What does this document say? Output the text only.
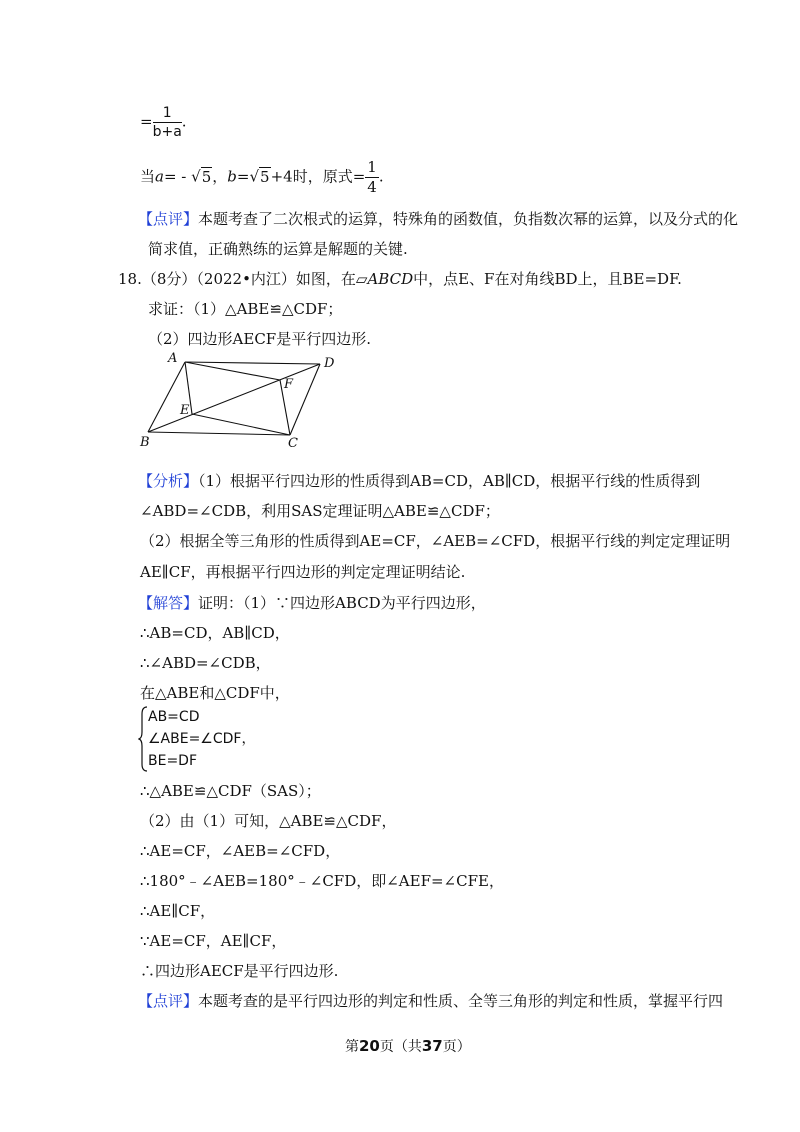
= $\frac{1}{b+a}$ .
当a= - √5，b=√5+4时，原式= $\frac{1}{4}$ .
【点评】本题考查了二次根式的运算，特殊角的函数值，负指数次幂的运算，以及分式的化
简求值，正确熟练的运算是解题的关键.
18.（8分）（2022•内江）如图，在▱ABCD中，点E、F在对角线BD上，且BE=DF.
求证：（1）△ABE≌△CDF；
（2）四边形AECF是平行四边形.
A	D
F
E
B	C
【分析】（1）根据平行四边形的性质得到AB=CD，AB∥CD，根据平行线的性质得到
∠ABD=∠CDB，利用SAS定理证明△ABE≌△CDF；
（2）根据全等三角形的性质得到AE=CF，∠AEB=∠CFD，根据平行线的判定定理证明
AE∥CF，再根据平行四边形的判定定理证明结论.
【解答】证明：（1）∵四边形ABCD为平行四边形，
∴AB=CD，AB∥CD，
∴∠ABD=∠CDB，
在△ABE和△CDF中，
AB=CD
∠ABE=∠CDF，
BE=DF
∴△ABE≌△CDF（SAS）；
（2）由（1）可知，△ABE≌△CDF，
∴AE=CF，∠AEB=∠CFD，
∴180°﹣∠AEB=180°﹣∠CFD，即∠AEF=∠CFE，
∴AE∥CF，
∵AE=CF，AE∥CF，
∴四边形AECF是平行四边形.
【点评】本题考查的是平行四边形的判定和性质、全等三角形的判定和性质，掌握平行四
第20页（共37页）
